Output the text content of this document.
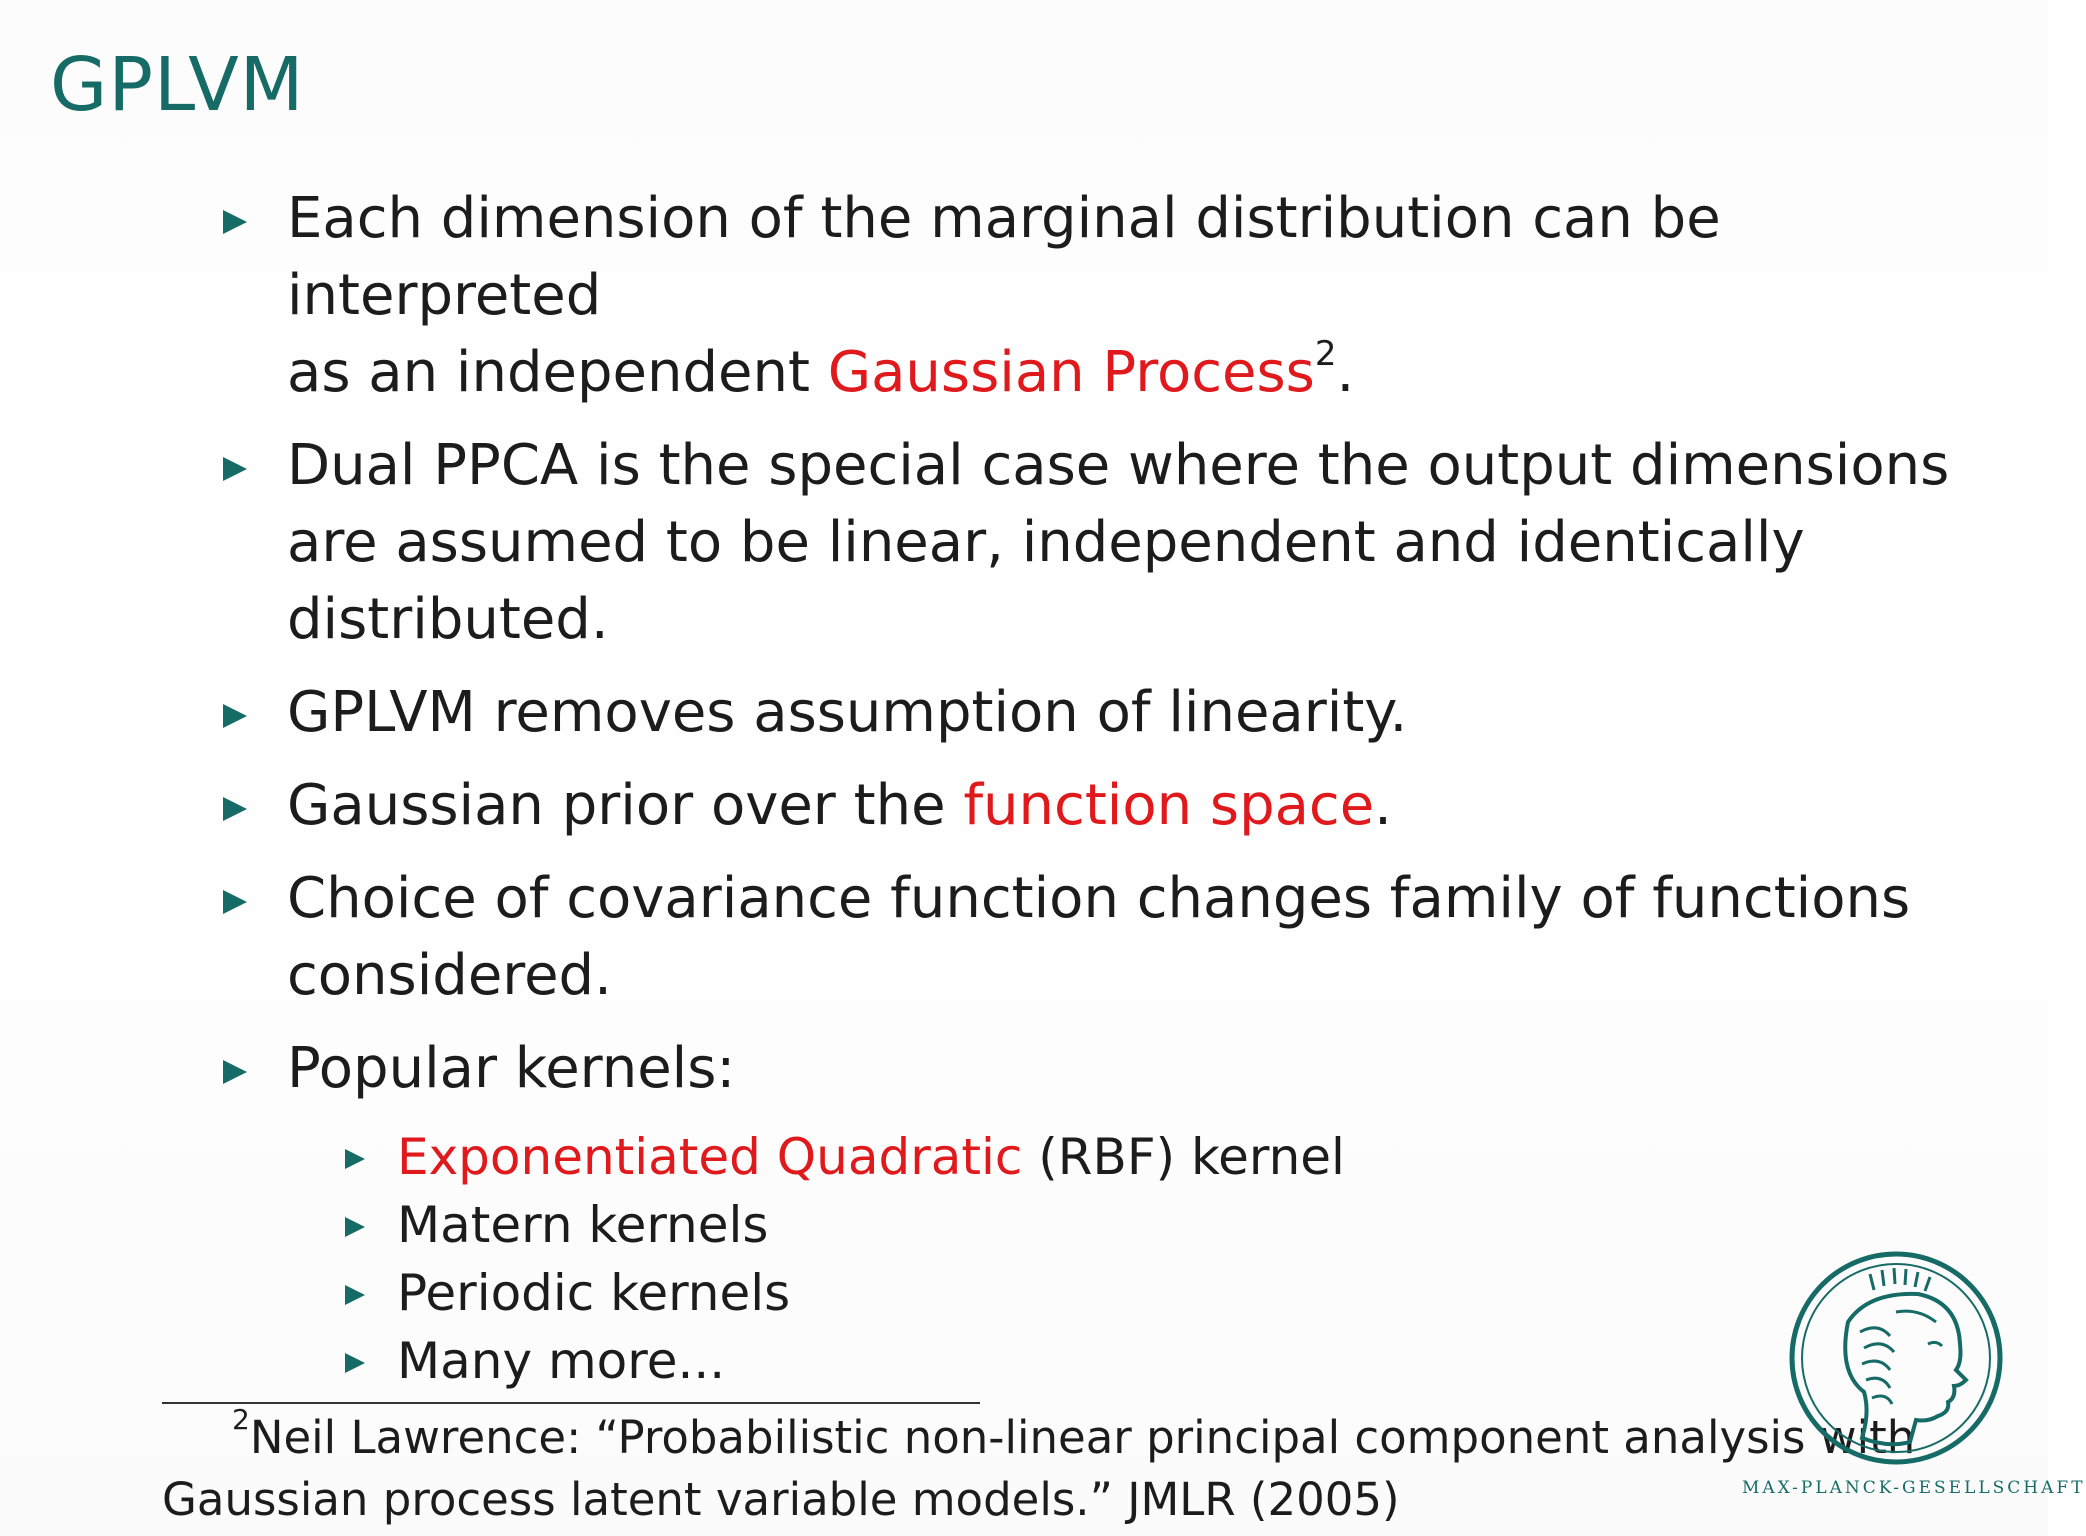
GPLVM
Each dimension of the marginal distribution can be interpreted
as an independent Gaussian Process$^2$.
Dual PPCA is the special case where the output dimensions
are assumed to be linear, independent and identically
distributed.
GPLVM removes assumption of linearity.
Gaussian prior over the function space.
Choice of covariance function changes family of functions
considered.
Popular kernels:
Exponentiated Quadratic (RBF) kernel
Matern kernels
Periodic kernels
Many more...
$^2$Neil Lawrence: “Probabilistic non-linear principal component analysis with
Gaussian process latent variable models.” JMLR (2005)	MAX-PLANCK-GESELLSCHAFT
